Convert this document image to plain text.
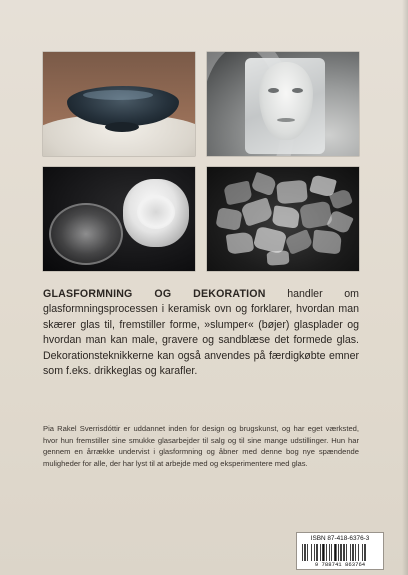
GLASFORMNING OG DEKORATION handler om glasformningsprocessen i keramisk ovn og forklarer, hvordan man skærer glas til, fremstiller forme, »slumper« (bøjer) glasplader og hvordan man kan male, gravere og sandblæse det formede glas. Dekorationsteknikkerne kan også anvendes på færdigkøbte emner som f.eks. drikkeglas og karafler.

Pia Rakel Sverrisdóttir er uddannet inden for design og brugskunst, og har eget værksted, hvor hun fremstiller sine smukke glasarbejder til salg og til sine mange udstillinger. Hun har gennem en årrække undervist i glasformning og åbner med denne bog nye spændende muligheder for alle, der har lyst til at arbejde med og eksperimentere med glas.

ISBN 87-418-6376-3
9 788741 863764
